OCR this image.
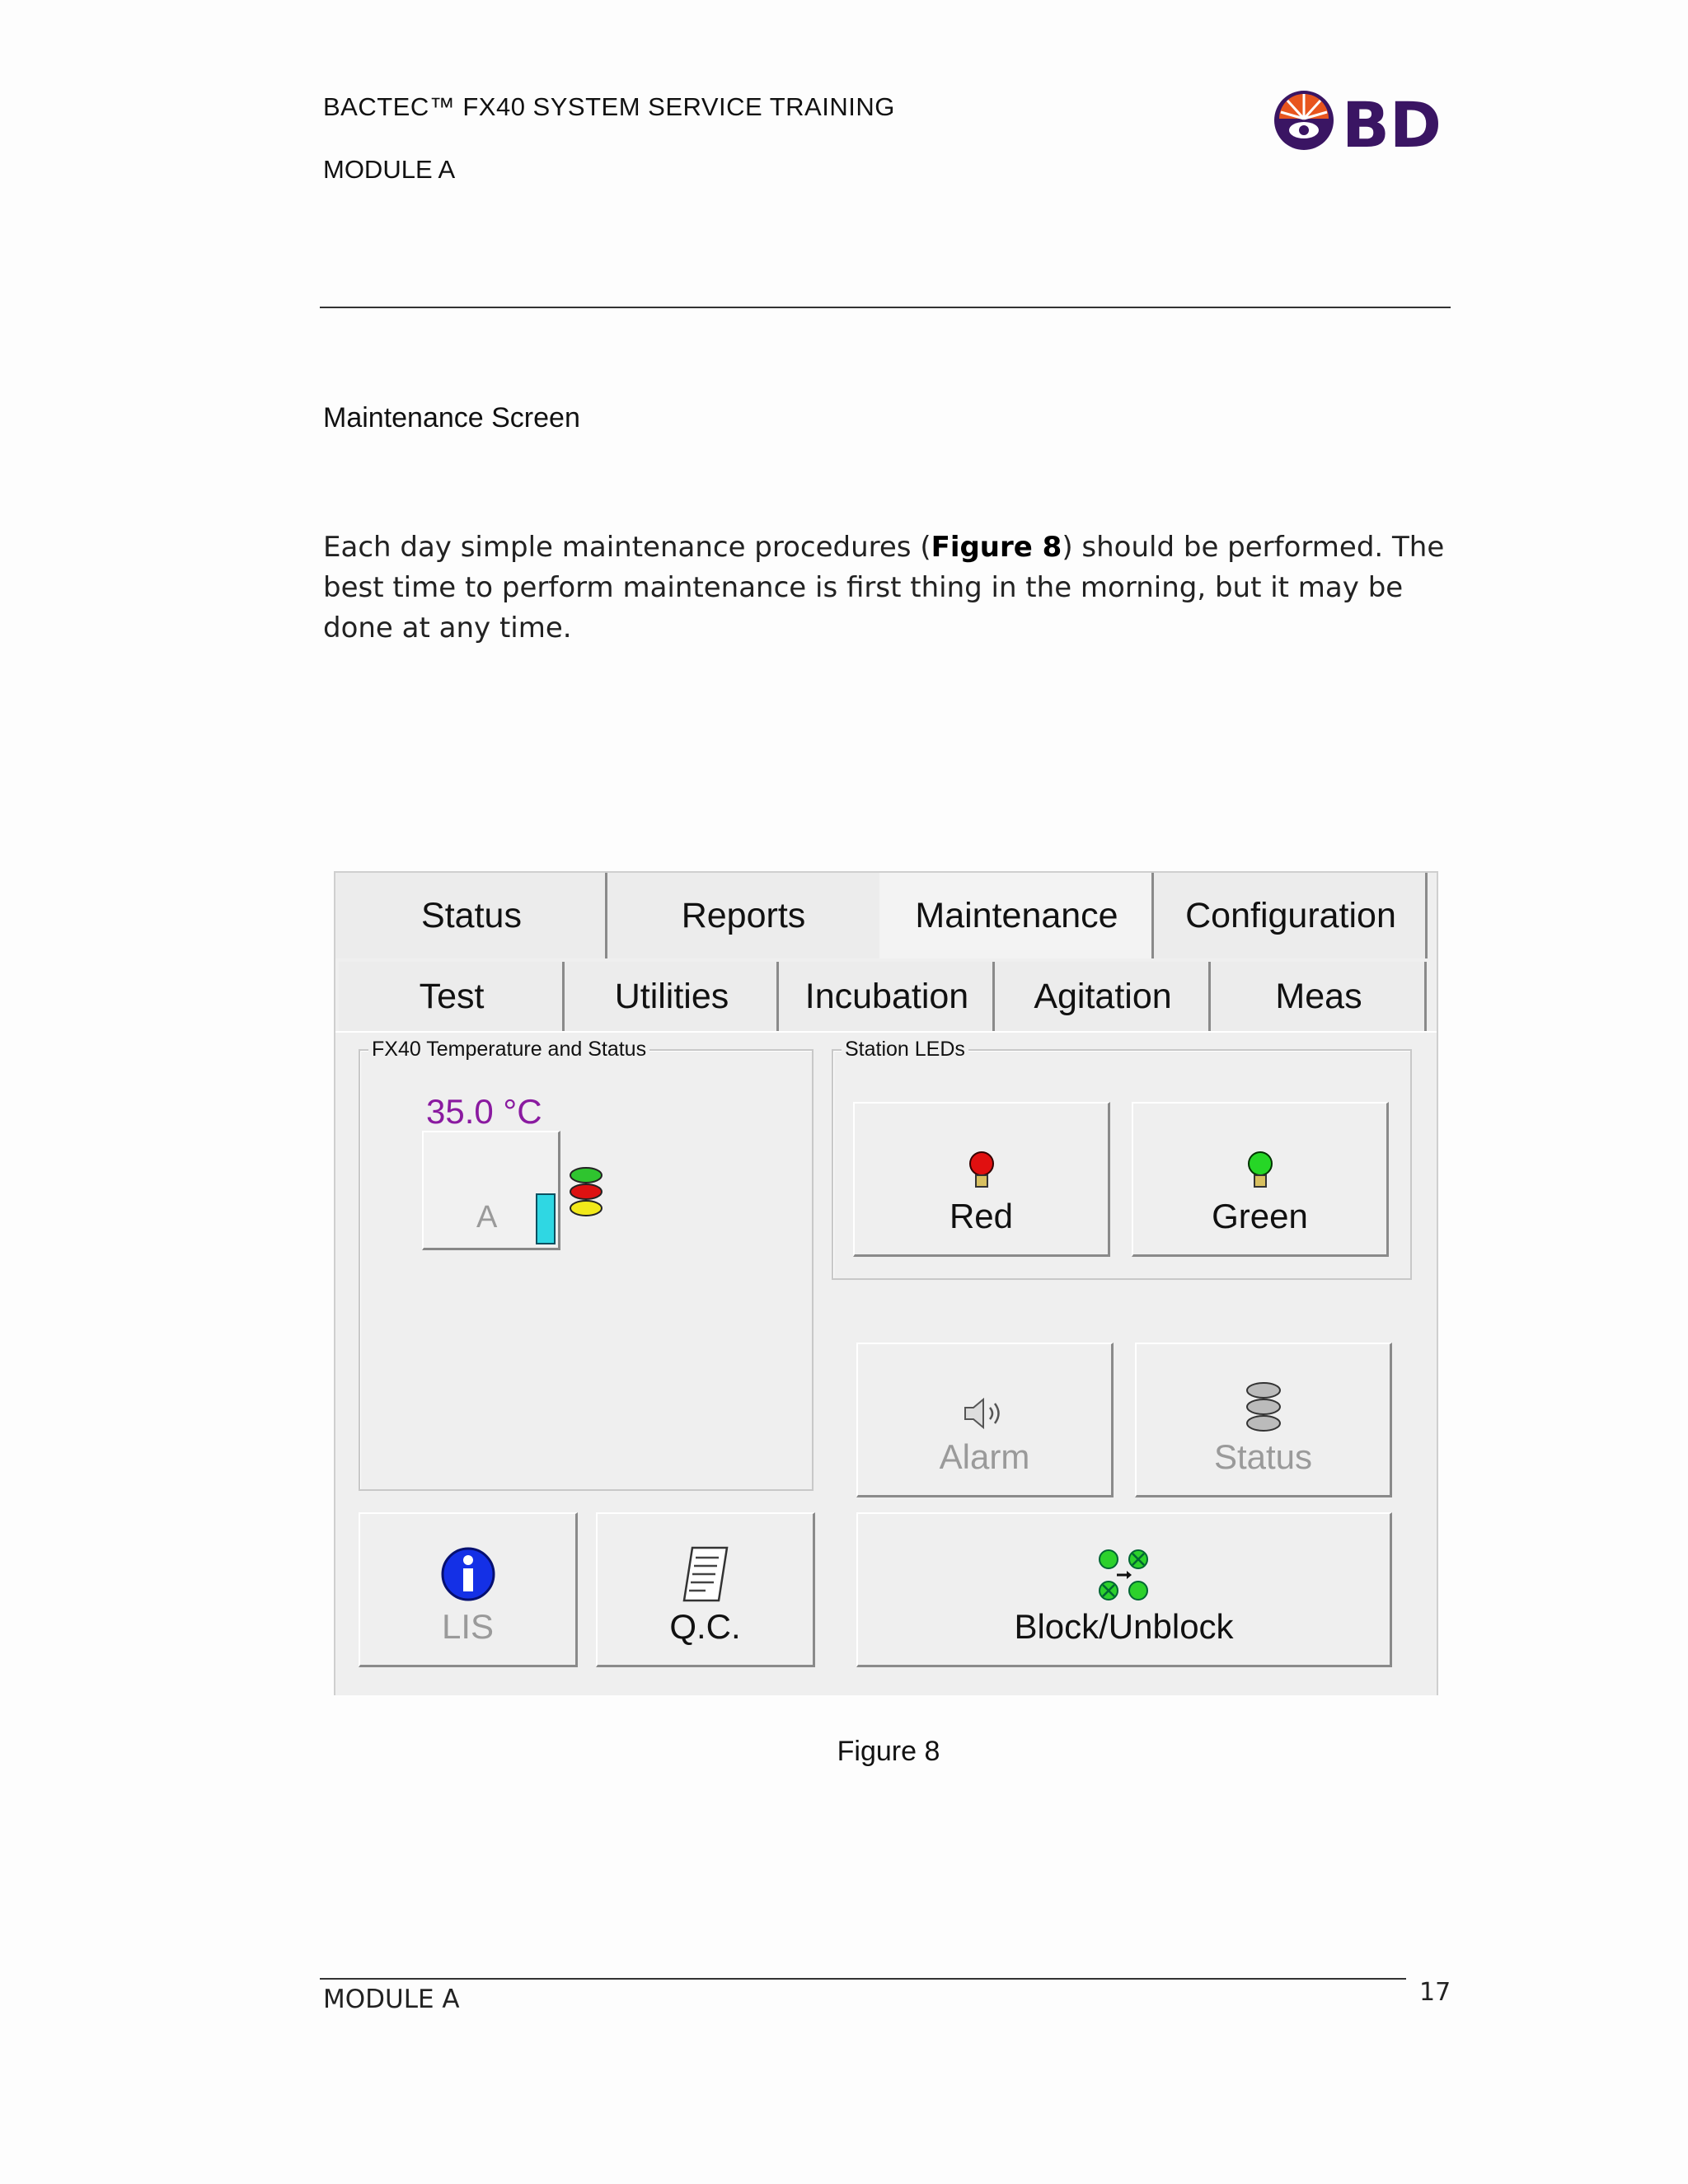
BACTEC™ FX40 SYSTEM SERVICE TRAINING
MODULE A
BD
Maintenance Screen
Each day simple maintenance procedures (Figure 8) should be performed. The best time to perform maintenance is first thing in the morning, but it may be done at any time.
Status	Reports	Maintenance Configuration
Test	Utilities Incubation Agitation	Meas
FX40 Temperature and Status
35.0 °C
A
Station LEDs
Red	Green
Alarm	Status
LIS	Q.C.	Block/Unblock
Figure 8
MODULE A	17
